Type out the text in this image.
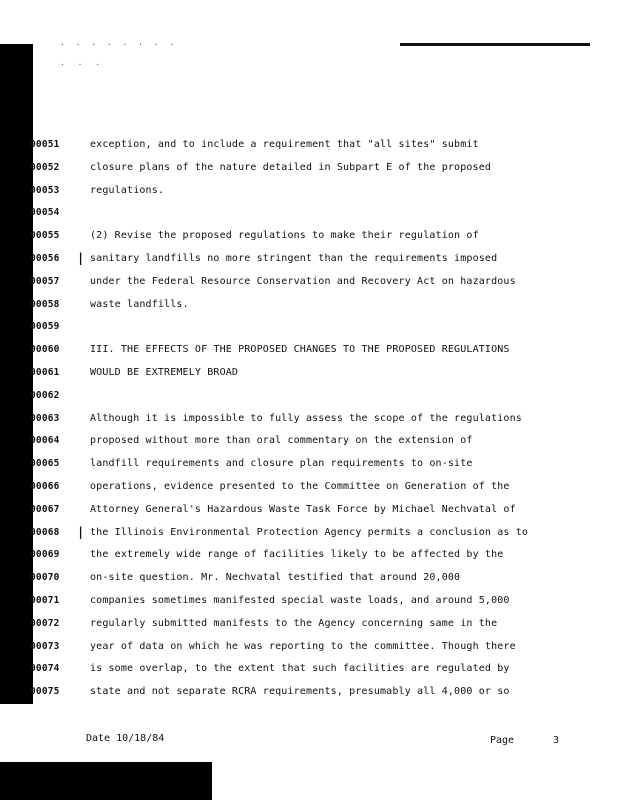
· · · · · · · ·
· · ·
00051	exception, and to include a requirement that "all sites" submit
00052	closure plans of the nature detailed in Subpart E of the proposed
00053	regulations.
00054
00055	(2) Revise the proposed regulations to make their regulation of
00056	| sanitary landfills no more stringent than the requirements imposed
00057	under the Federal Resource Conservation and Recovery Act on hazardous
00058	waste landfills.
00059
00060	III. THE EFFECTS OF THE PROPOSED CHANGES TO THE PROPOSED REGULATIONS
00061	WOULD BE EXTREMELY BROAD
00062
00063	Although it is impossible to fully assess the scope of the regulations
00064	proposed without more than oral commentary on the extension of
00065	landfill requirements and closure plan requirements to on-site
00066	operations, evidence presented to the Committee on Generation of the
00067	Attorney General's Hazardous Waste Task Force by Michael Nechvatal of
00068	| the Illinois Environmental Protection Agency permits a conclusion as to
00069	the extremely wide range of facilities likely to be affected by the
00070	on-site question. Mr. Nechvatal testified that around 20,000
00071	companies sometimes manifested special waste loads, and around 5,000
00072	regularly submitted manifests to the Agency concerning same in the
00073	year of data on which he was reporting to the committee. Though there
00074	is some overlap, to the extent that such facilities are regulated by
00075	state and not separate RCRA requirements, presumably all 4,000 or so
Date 10/18/84	Page	3
